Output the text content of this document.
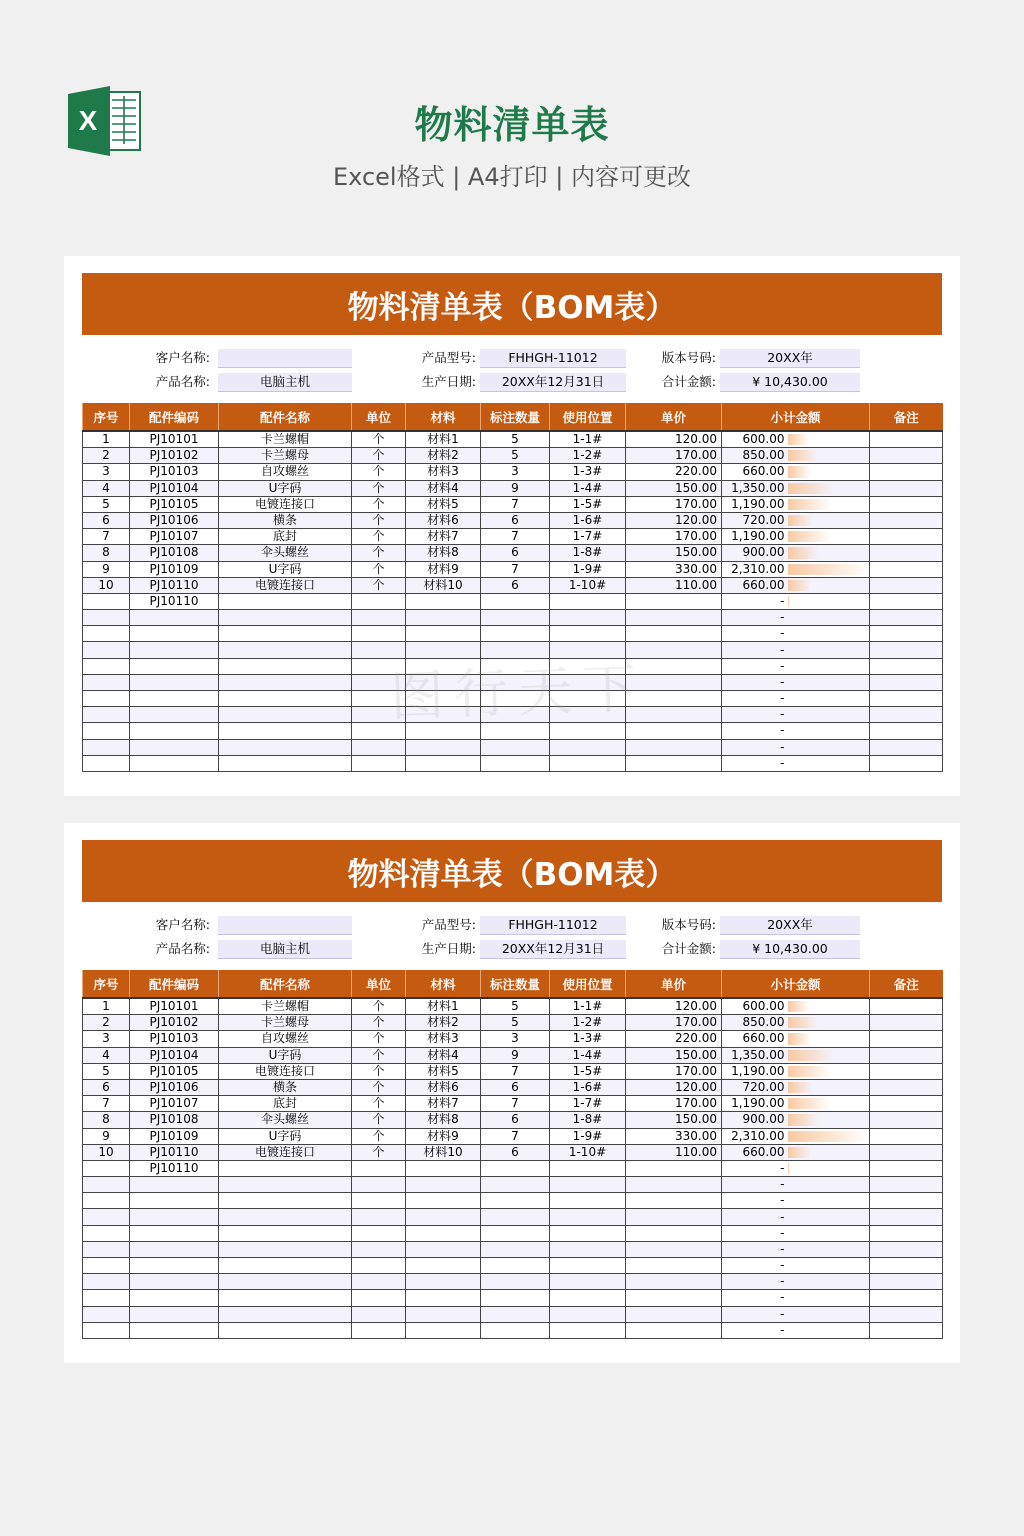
X	物料清单表
Excel格式 | A4打印 | 内容可更改
物料清单表（BOM表）
客户名称:
产品名称:	电脑主机
产品型号:	FHHGH-11012
生产日期:	20XX年12月31日
版本号码:	20XX年
合计金额:	¥ 10,430.00
序号	配件编码	配件名称	单位	材料	标注数量	使用位置	单价	小计金额		备注
1	PJ10101	卡兰螺帽	个	材料1	5	1-1#	120.00	600.00	

2	PJ10102	卡兰螺母	个	材料2	5	1-2#	170.00	850.00	

3	PJ10103	自攻螺丝	个	材料3	3	1-3#	220.00	660.00	

4	PJ10104	U字码	个	材料4	9	1-4#	150.00	1,350.00	

5	PJ10105	电镀连接口	个	材料5	7	1-5#	170.00	1,190.00	

6	PJ10106	横条	个	材料6	6	1-6#	120.00	720.00	

7	PJ10107	底封	个	材料7	7	1-7#	170.00	1,190.00	

8	PJ10108	伞头螺丝	个	材料8	6	1-8#	150.00	900.00	

9	PJ10109	U字码	个	材料9	7	1-9#	330.00	2,310.00	

10	PJ10110	电镀连接口	个	材料10	6	1-10#	110.00	660.00	

	PJ10110							-	

								-	

								-	

								-	

								-	

								-	

								-	

								-	

								-	

								-	

								-	

物料清单表（BOM表）
客户名称:
产品名称:	电脑主机
产品型号:	FHHGH-11012
生产日期:	20XX年12月31日
版本号码:	20XX年
合计金额:	¥ 10,430.00
序号	配件编码	配件名称	单位	材料	标注数量	使用位置	单价	小计金额		备注
1	PJ10101	卡兰螺帽	个	材料1	5	1-1#	120.00	600.00	

2	PJ10102	卡兰螺母	个	材料2	5	1-2#	170.00	850.00	

3	PJ10103	自攻螺丝	个	材料3	3	1-3#	220.00	660.00	

4	PJ10104	U字码	个	材料4	9	1-4#	150.00	1,350.00	

5	PJ10105	电镀连接口	个	材料5	7	1-5#	170.00	1,190.00	

6	PJ10106	横条	个	材料6	6	1-6#	120.00	720.00	

7	PJ10107	底封	个	材料7	7	1-7#	170.00	1,190.00	

8	PJ10108	伞头螺丝	个	材料8	6	1-8#	150.00	900.00	

9	PJ10109	U字码	个	材料9	7	1-9#	330.00	2,310.00	

10	PJ10110	电镀连接口	个	材料10	6	1-10#	110.00	660.00	

	PJ10110							-	

								-	

								-	

								-	

								-	

								-	

								-	

								-	

								-	

								-	

								-	

图行天下
